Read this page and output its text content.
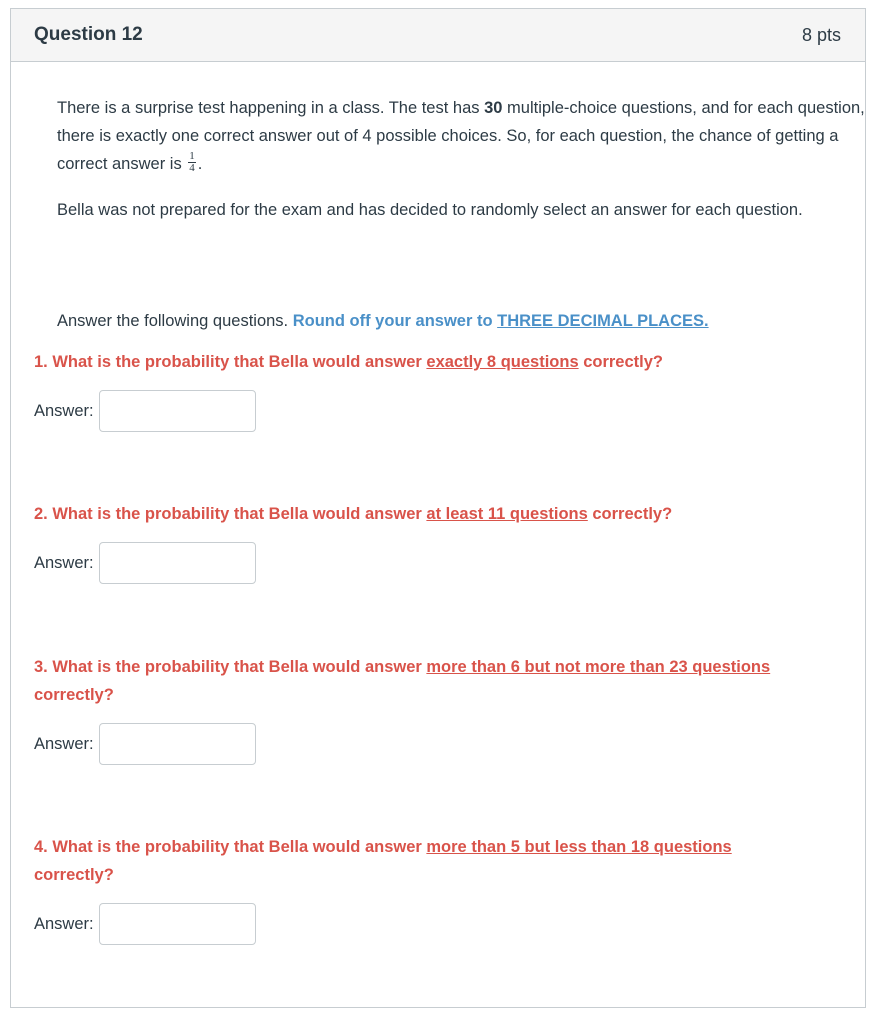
Question 12	8 pts

There is a surprise test happening in a class. The test has 30 multiple-choice questions, and for each question, there is exactly one correct answer out of 4 possible choices. So, for each question, the chance of getting a correct answer is $\frac{1}{4}$ .

Bella was not prepared for the exam and has decided to randomly select an answer for each question.

Answer the following questions. Round off your answer to THREE DECIMAL PLACES.

1. What is the probability that Bella would answer exactly 8 questions correctly?

Answer:

2. What is the probability that Bella would answer at least 11 questions correctly?

Answer:

3. What is the probability that Bella would answer more than 6 but not more than 23 questions correctly?

Answer:

4. What is the probability that Bella would answer more than 5 but less than 18 questions correctly?

Answer:
